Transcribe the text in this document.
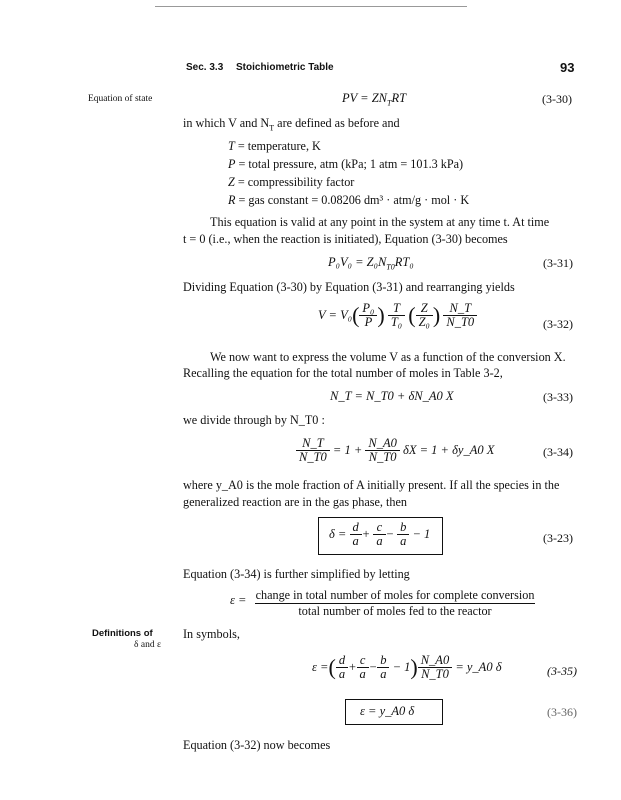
Sec. 3.3 Stoichiometric Table	93
Equation of state
Definitions of
δ and ε
PV = $ZN_TRT$	(3-30)
in which V and $N_T$ are defined as before and
T = temperature, K
P = total pressure, atm (kPa; 1 atm = 101.3 kPa)
Z = compressibility factor
R = gas constant = 0.08206 dm³ · atm/g · mol · K
This equation is valid at any point in the system at any time t. At time
t = 0 (i.e., when the reaction is initiated), Equation (3-30) becomes
$P_0V_0 = Z_0N_{T0}RT_0$	(3-31)
Dividing Equation (3-30) by Equation (3-31) and rearranging yields
$V = V_0( \frac{\text{P₀}}{P}$ ) $\frac{T}{\text{T₀}}$ ( $\frac{Z}{\text{Z₀}}$ ) $\frac{N\_T}{N\_T0}$	(3-32)
We now want to express the volume V as a function of the conversion X.
Recalling the equation for the total number of moles in Table 3-2,
N_T = N_T0 + δN_A0 X	(3-33)
we divide through by N_T0 :
$\frac{N\_T}{N\_T0} = 1 + \frac{N\_A0}{N\_T0}$ δX = 1 + δy_A0 X	(3-34)
where y_A0 is the mole fraction of A initially present. If all the species in the
generalized reaction are in the gas phase, then
$\delta = \frac{d}{a} + \frac{c}{a} - \frac{b}{a} - 1$	(3-23)
Equation (3-34) is further simplified by letting
ε = change in total number of moles for complete conversion
total number of moles fed to the reactor
In symbols,
ε =( $\frac{d}{a} + \frac{c}{a} - \frac{b}{a} - 1) \frac{N\_A0}{N\_T0}$ = y_A0 δ	(3-35)
ε = y_A0 δ	(3-36)
Equation (3-32) now becomes
